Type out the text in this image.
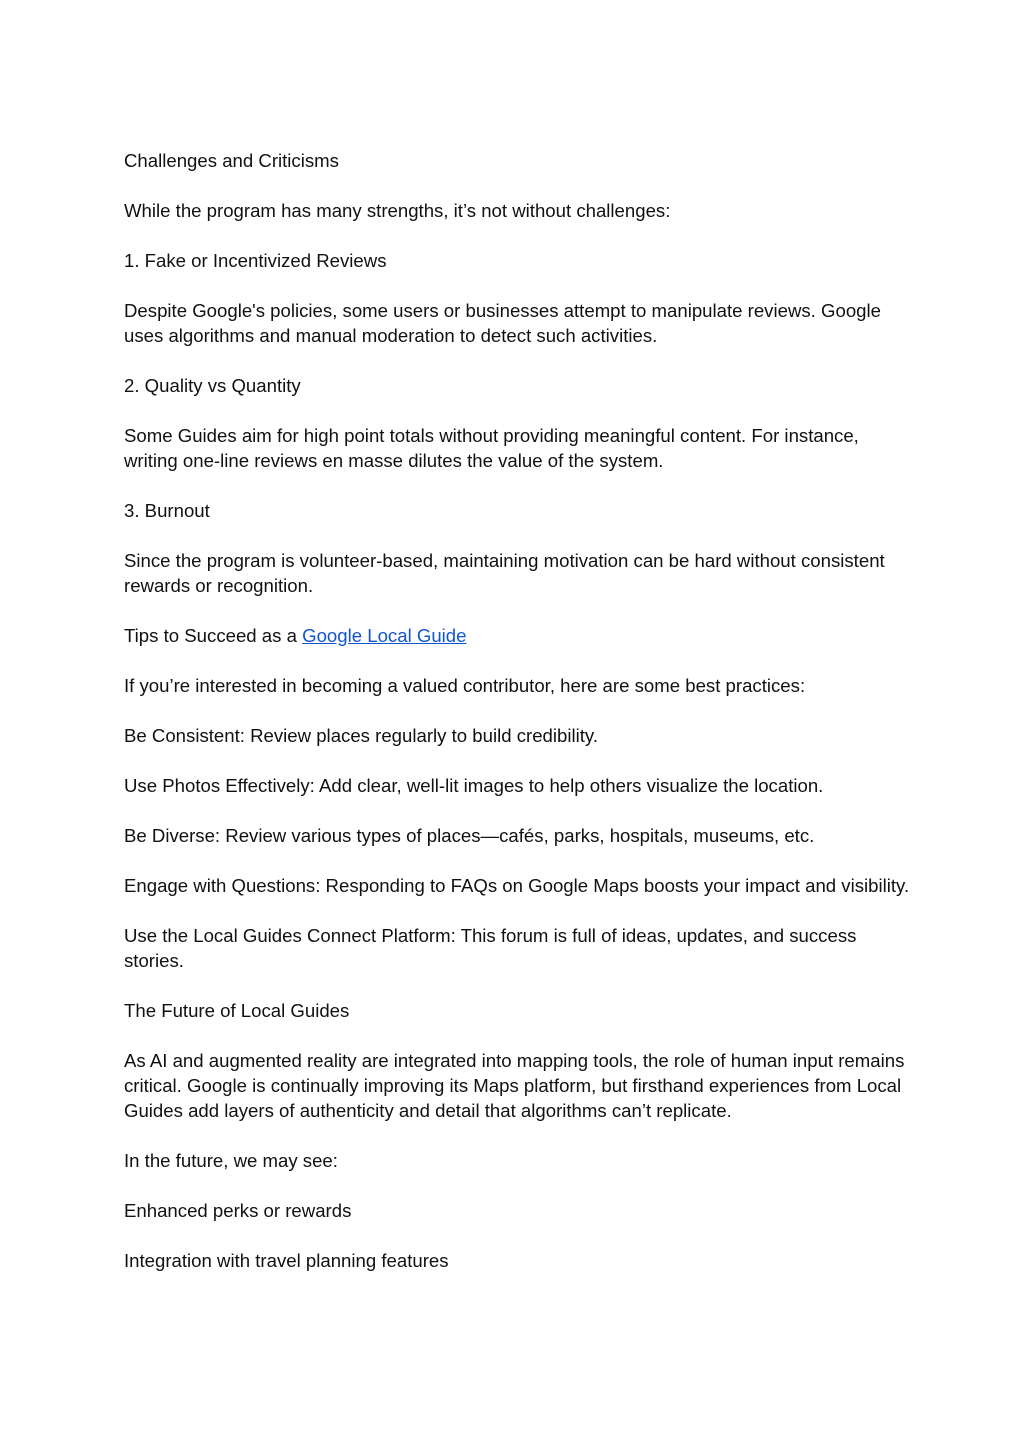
Challenges and Criticisms

While the program has many strengths, it’s not without challenges:

1. Fake or Incentivized Reviews

Despite Google's policies, some users or businesses attempt to manipulate reviews. Google uses algorithms and manual moderation to detect such activities.

2. Quality vs Quantity

Some Guides aim for high point totals without providing meaningful content. For instance, writing one-line reviews en masse dilutes the value of the system.

3. Burnout

Since the program is volunteer-based, maintaining motivation can be hard without consistent rewards or recognition.

Tips to Succeed as a Google Local Guide

If you’re interested in becoming a valued contributor, here are some best practices:

Be Consistent: Review places regularly to build credibility.

Use Photos Effectively: Add clear, well-lit images to help others visualize the location.

Be Diverse: Review various types of places—cafés, parks, hospitals, museums, etc.

Engage with Questions: Responding to FAQs on Google Maps boosts your impact and visibility.

Use the Local Guides Connect Platform: This forum is full of ideas, updates, and success stories.

The Future of Local Guides

As AI and augmented reality are integrated into mapping tools, the role of human input remains critical. Google is continually improving its Maps platform, but firsthand experiences from Local Guides add layers of authenticity and detail that algorithms can’t replicate.

In the future, we may see:

Enhanced perks or rewards

Integration with travel planning features
